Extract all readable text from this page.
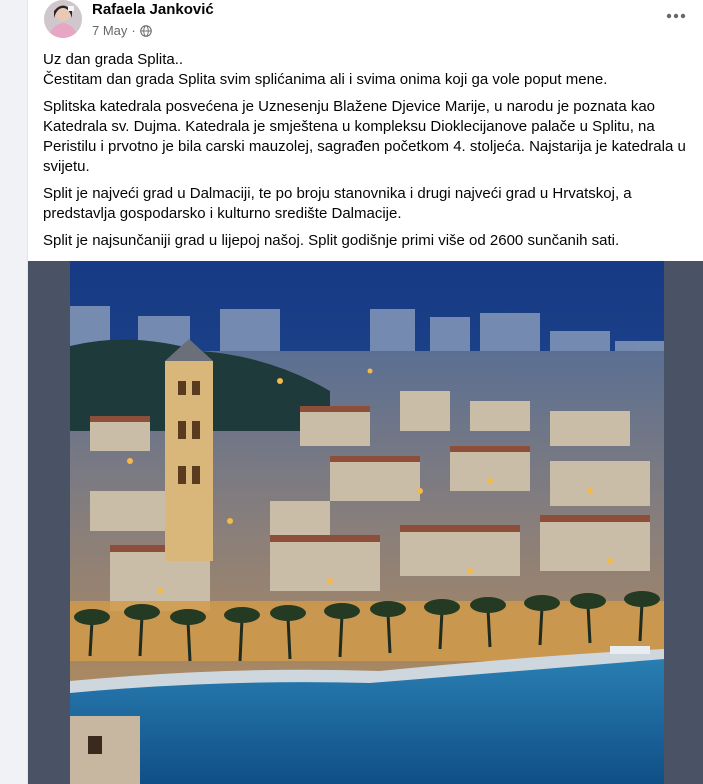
Rafaela Janković
7 May ·

Uz dan grada Splita..
Čestitam dan grada Splita svim splićanima ali i svima onima koji ga vole poput mene.

Splitska katedrala posvećena je Uznesenju Blažene Djevice Marije, u narodu je poznata kao Katedrala sv. Dujma. Katedrala je smještena u kompleksu Dioklecijanove palače u Splitu, na Peristilu i prvotno je bila carski mauzolej, sagrađen početkom 4. stoljeća. Najstarija je katedrala u svijetu.

Split je najveći grad u Dalmaciji, te po broju stanovnika i drugi najveći grad u Hrvatskoj, a predstavlja gospodarsko i kulturno središte Dalmacije.

Split je najsunčaniji grad u lijepoj našoj. Split godišnje primi više od 2600 sunčanih sati.
